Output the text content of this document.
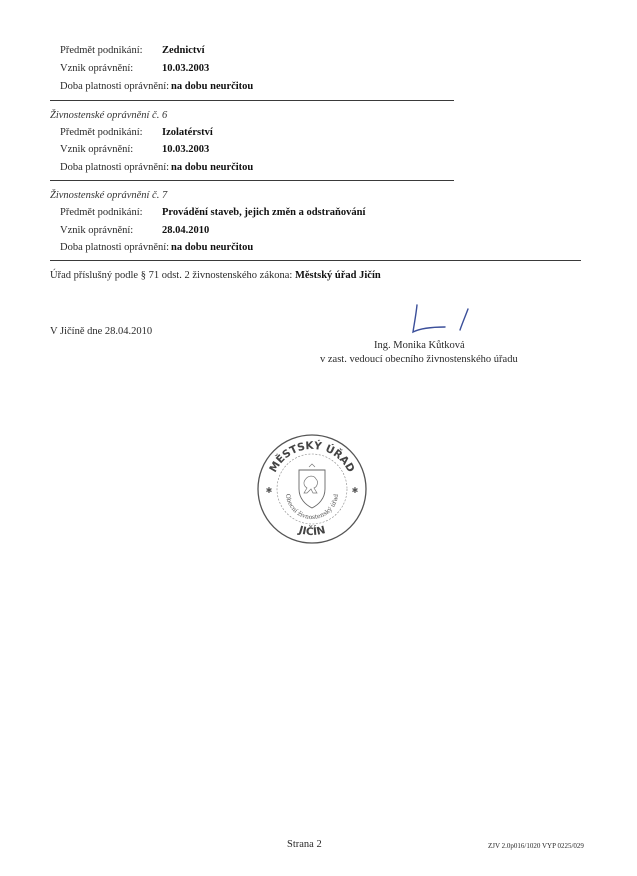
Předmět podnikání: Zednictví
Vznik oprávnění:	10.03.2003
Doba platnosti oprávnění: na dobu neurčitou
Živnostenské oprávnění č. 6
Předmět podnikání: Izolatérství
Vznik oprávnění:	10.03.2003
Doba platnosti oprávnění: na dobu neurčitou
Živnostenské oprávnění č. 7
Předmět podnikání: Provádění staveb, jejich změn a odstraňování
Vznik oprávnění:	28.04.2010
Doba platnosti oprávnění: na dobu neurčitou
Úřad příslušný podle § 71 odst. 2 živnostenského zákona: Městský úřad Jičín
V Jičíně dne 28.04.2010
Ing. Monika Kůtková
v zast. vedoucí obecního živnostenského úřadu
MĚSTSKÝ ÚŘAD
Obecní živnostenský úřad
JIČÍN
✱	✱
Strana 2	ZJV 2.0p016/1020 VYP 0225/029
